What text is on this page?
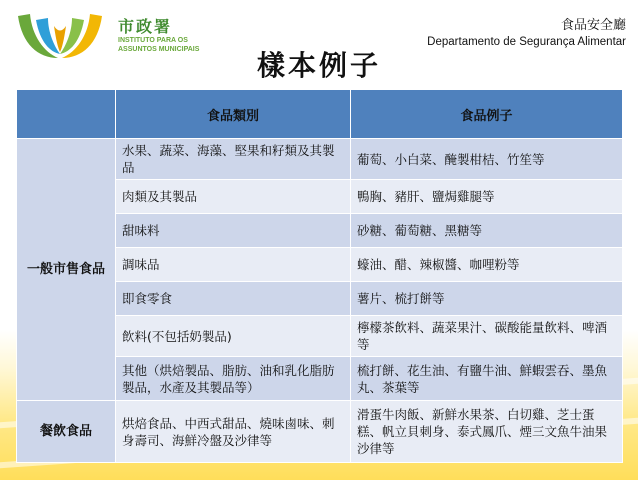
市政署
INSTITUTO PARA OS
ASSUNTOS MUNICIPAIS
食品安全廳
Departamento de Segurança Alimentar
樣本例子
	食品類別	食品例子
一般市售食品	水果、蔬菜、海藻、堅果和籽類及其製品	葡萄、小白菜、醃製柑桔、竹笙等
	肉類及其製品	鴨胸、豬肝、鹽焗雞腿等
	甜味料	砂糖、葡萄糖、黑糖等
	調味品	蠔油、醋、辣椒醬、咖哩粉等
	即食零食	薯片、梳打餅等
	飲料(不包括奶製品)	檸檬茶飲料、蔬菜果汁、碳酸能量飲料、啤酒等
	其他（烘焙製品、脂肪、油和乳化脂肪製品，水產及其製品等）	梳打餅、花生油、有鹽牛油、鮮蝦雲吞、墨魚丸、茶葉等
餐飲食品	烘焙食品、中西式甜品、燒味鹵味、刺身壽司、海鮮冷盤及沙律等	滑蛋牛肉飯、新鮮水果茶、白切雞、芝士蛋糕、帆立貝刺身、泰式鳳爪、煙三文魚牛油果沙律等
